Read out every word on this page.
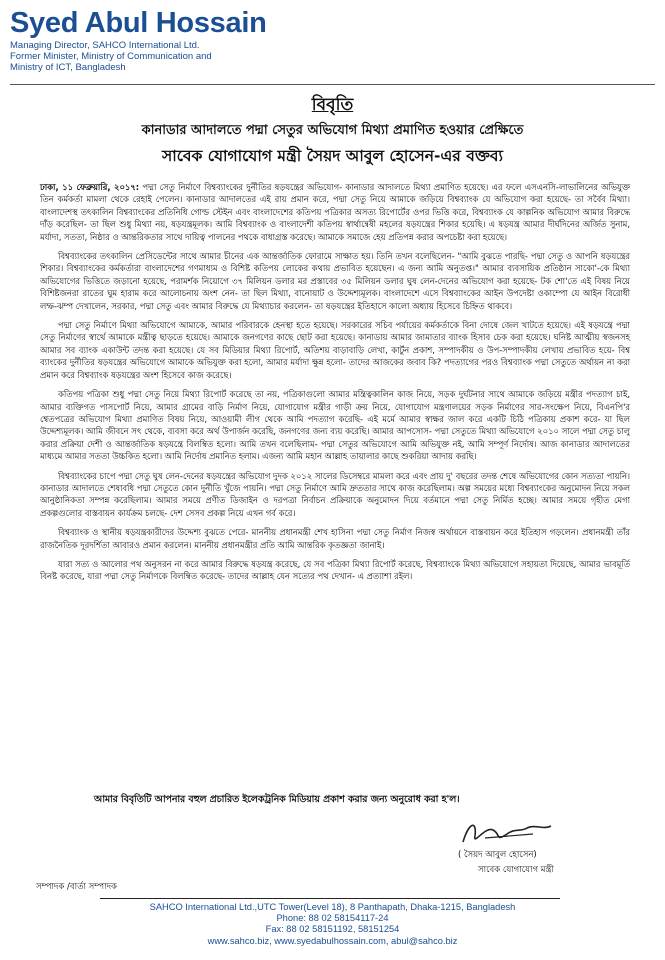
Syed Abul Hossain
Managing Director, SAHCO International Ltd.
Former Minister, Ministry of Communication and
Ministry of ICT, Bangladesh
বিবৃতি
কানাডার আদালতে পদ্মা সেতুর অভিযোগ মিথ্যা প্রমাণিত হওয়ার প্রেক্ষিতে
সাবেক যোগাযোগ মন্ত্রী সৈয়দ আবুল হোসেন-এর বক্তব্য

ঢাকা, ১১ ফেব্রুয়ারি, ২০১৭: পদ্মা সেতু নির্মাণে বিশ্বব্যাংকের দুর্নীতির ষড়যন্ত্রের অভিযোগ- কানাডার আদালতে মিথ্যা প্রমাণিত হয়েছে। এর ফলে এসএনসি-লাভালিনের অভিযুক্ত তিন কর্মকর্তা মামলা থেকে রেহাই পেলেন। কানাডার আদালতের এই রায় প্রমান করে, পদ্মা সেতু নিয়ে আমাকে জড়িয়ে বিশ্বব্যাংক যে অভিযোগ করা হয়েছে- তা সর্বৈব মিথ্যা। বাংলাদেশস্থ তৎকালিন বিশ্বব্যাংকের প্রতিনিধি গোল্ড স্টেইন এবং বাংলাদেশের কতিপয় পত্রিকার অসত্য রিপোর্টের ওপর ভিত্তি করে, বিশ্বব্যাংক যে কাল্পনিক অভিযোগ আমার বিরুদ্ধে দাঁড় করেছিল- তা ছিল শুধু মিথ্যা নয়, ষড়যন্ত্রমূলক। আমি বিশ্বব্যাংক ও বাংলাদেশী কতিপয় স্বার্থান্বেষী মহলের ষড়যন্ত্রের শিকার হয়েছি। এ ষড়যন্ত্র আমার দীর্ঘদিনের অর্জিত সুনাম, মর্যাদা, সততা, নিষ্ঠার ও আন্তরিকতার সাথে দায়িত্ব পালনের পথকে বাধাগ্রস্ত করেছে। আমাকে সমাজে হেয় প্রতিপন্ন করার অপচেষ্টা করা হয়েছে।

বিশ্বব্যাংকের তৎকালিন প্রেসিডেন্টের সাথে আমার চীনের এক আন্তর্জাতিক ফোরামে সাক্ষাত হয়। তিনি তখন বলেছিলেন- "আমি বুঝতে পারছি- পদ্মা সেতু ও আপনি ষড়যন্ত্রের শিকার। বিশ্বব্যাংকের কর্মকর্তারা বাংলাদেশের গণমাধ্যম ও বিশিষ্ট কতিপয় লোকের কথায় প্রভাবিত হয়েছেন। এ জন্য আমি অনুতপ্ত।" আমার ব্যবসায়িক প্রতিষ্ঠান সাকো'-কে মিথ্যা অভিযোগের ভিত্তিতে জড়ানো হয়েছে, পরামর্শক নিয়োগে ৩৭ মিলিয়ন ডলার মর প্রস্তাবের ৩৫ মিলিয়ন ডলার ঘুষ লেন-দেনের অভিযোগ করা হয়েছে- টক শো'তে এই বিষয় নিয়ে বিশিষ্টজনরা রাতের ঘুম হারাম করে আলোচনায় অংশ নেন- তা ছিল মিথ্যা, বানোয়াট ও উদ্দেশ্যমূলক। বাংলাদেশে এসে বিশ্বব্যাংকের আইন উপদেষ্টা ওকাম্পো যে আইন বিরোধী লম্ফ-ঝম্প দেখালেন, সরকার, পদ্মা সেতু এবং আমার বিরুদ্ধে যে মিথ্যাচার করলেন- তা ষড়যন্ত্রের ইতিহাসে কালো অধ্যায় হিসেবে চিহ্নিত থাকবে।

পদ্মা সেতু নির্মাণে মিথ্যা অভিযোগে আমাকে, আমার পরিবারকে হেনস্থা হতে হয়েছে। সরকারের সচিব পর্যায়ের কর্মকর্তাকে বিনা দোষে জেল খাটতে হয়েছে। এই ষড়যন্ত্রে পদ্মা সেতু নির্মাণের স্বার্থে আমাকে মন্ত্রীত্ব ছাড়তে হয়েছে। আমাকে জনগণের কাছে ছোট করা হয়েছে। কানাডায় আমার জামাতার ব্যাংক হিসাব চেক করা হয়েছে। ঘনিষ্ট আত্মীয় স্বজনসহ আমার সব ব্যাংক একাউন্ট তদন্ত করা হয়েছে। যে সব মিডিয়ার মিথ্যা রিপোর্ট, অতিশয় বাড়াবাড়ি লেখা, কার্টুন প্রকাশ, সম্পাদকীয় ও উপ-সম্পাদকীয় লেখায় প্রভাবিত হয়ে- বিশ্ব ব্যাংকের দুর্নীতির ষড়যন্ত্রের অভিযোগে আমাকে অভিযুক্ত করা হলো, আমার মর্যাদা ক্ষুন্ন হলো- তাদের আজকের জবাব কি? পদত্যাগের পরও বিশ্বব্যাংক পদ্মা সেতুতে অর্থায়ন না করা প্রমান করে বিশ্বব্যাংক ষড়যন্ত্রের অংশ হিসেবে কাজ করেছে।

কতিপয় পত্রিকা শুধু পদ্মা সেতু নিয়ে মিথ্যা রিপোর্ট করেছে তা নয়, পত্রিকাগুলো আমার মন্ত্রিত্বকালিন কাজ নিয়ে, সড়ক দুর্ঘটনার সাথে আমাকে জড়িয়ে মন্ত্রীর পদত্যাগ চাই, আমার ব্যক্তিগত পাসপোর্ট নিয়ে, আমার গ্রামের বাড়ি নির্মাণ নিয়ে, যোগাযোগ মন্ত্রীর গাড়ী ক্রয় নিয়ে, যোগাযোগ মন্ত্রণালয়ের সড়ক নির্মাণের সার-সংক্ষেপ নিয়ে, বিএনপি'র শ্বেতপত্রের অভিযোগ মিথ্যা প্রমাণিত বিষয় নিয়ে, আওয়ামী লীগ থেকে আমি পদত্যাগ করেছি- এই মর্মে আমার স্বাক্ষর জাল করে একটি চিঠি পত্রিকায় প্রকাশ করে- যা ছিল উদ্দেশ্যমূলক। আমি জীবনে সৎ থেকে, ব্যবসা করে অর্থ উপার্জন করেছি, জনগণের জন্য ব্যয় করেছি। আমার আপসোস- পদ্মা সেতুতে মিথ্যা অভিযোগে ২০১০ সালে পদ্মা সেতু চালু করার প্রক্রিয়া দেশী ও আন্তর্জাতিক ষড়যন্ত্রে বিলম্বিত হলো। আমি তখন বলেছিলাম- পদ্মা সেতুর অভিযোগে আমি অভিযুক্ত নই, আমি সম্পূর্ণ নির্দোষ। আজ কানাডার আদালতের মাধ্যমে আমার সততা উচ্চকিত হলো। আমি নির্দোষ প্রমানিত হলাম। এজন্য আমি মহান আল্লাহ তায়ালার কাছে শুকরিয়া আদায় করছি।

বিশ্বব্যাংকের চাপে পদ্মা সেতু ঘুষ লেন-দেনের ষড়যন্ত্রের অভিযোগ দুদক ২০১২ সালের ডিসেম্বরে মামলা করে এবং প্রায় দু' বছরের তদন্ত শেষে অভিযোগের কোন সত্যতা পায়নি। কানাডার আদালতে শেষাবধি পদ্মা সেতুতে কোন দুর্নীতি খুঁজে পায়নি। পদ্মা সেতু নির্মাণে আমি দ্রুততার সাথে কাজ করেছিলাম। অল্প সময়ের মধ্যে বিশ্বব্যাংকের অনুমোদন নিয়ে সকল আনুষ্ঠানিকতা সম্পন্ন করেছিলাম। আমার সময়ে প্রণীত ডিজাইন ও দরপত্রা নির্বাচন প্রক্রিয়াকে অনুমোদন দিয়ে বর্তমানে পদ্মা সেতু নির্মিত হচ্ছে। আমার সময়ে গৃহীত মেগা প্রকল্পগুলোর বাস্তবায়ন কার্যক্রম চলছে- দেশ সেসব প্রকল্প নিয়ে এখন গর্ব করে।

বিশ্বব্যাংক ও স্থানীয় ষড়যন্ত্রকারীদের উদ্দেশ্য বুঝতে পেরে- মাননীয় প্রধানমন্ত্রী শেখ হাসিনা পদ্মা সেতু নির্মাণ নিজস্ব অর্থায়নে বাস্তবায়ন করে ইতিহাস গড়লেন। প্রধানমন্ত্রী তাঁর রাজনৈতিক দূরদর্শিতা আবারও প্রমান করলেন। মাননীয় প্রধানমন্ত্রীর প্রতি আমি আন্তরিক কৃতজ্ঞতা জানাই।

যারা সত্য ও আলোর পথ অনুসরন না করে আমার বিরুদ্ধে ষড়যন্ত্র করেছে, যে সব পত্রিকা মিথ্যা রিপোর্ট করেছে, বিশ্বব্যাংকে মিথ্যা অভিযোগে সহায়তা দিয়েছে, আমার ভাবমূর্তি বিনষ্ট করেছে, যারা পদ্মা সেতু নির্মাণকে বিলম্বিত করেছে- তাদের আল্লাহ যেন সত্যের পথ দেখান- এ প্রত্যাশা রইল।

আমার বিবৃতিটি আপনার বহুল প্রচারিত ইলেকট্রনিক মিডিয়ায় প্রকাশ করার জন্য অনুরোধ করা হ'ল।
( সৈয়দ আবুল হোসেন)
সাবেক যোগাযোগ মন্ত্রী
সম্পাদক /বার্তা সম্পাদক
SAHCO International Ltd.,UTC Tower(Level 18), 8 Panthapath, Dhaka-1215, Bangladesh
Phone: 88 02 58154117-24
Fax: 88 02 58151192, 58151254
www.sahco.biz, www.syedabulhossain.com, abul@sahco.biz
